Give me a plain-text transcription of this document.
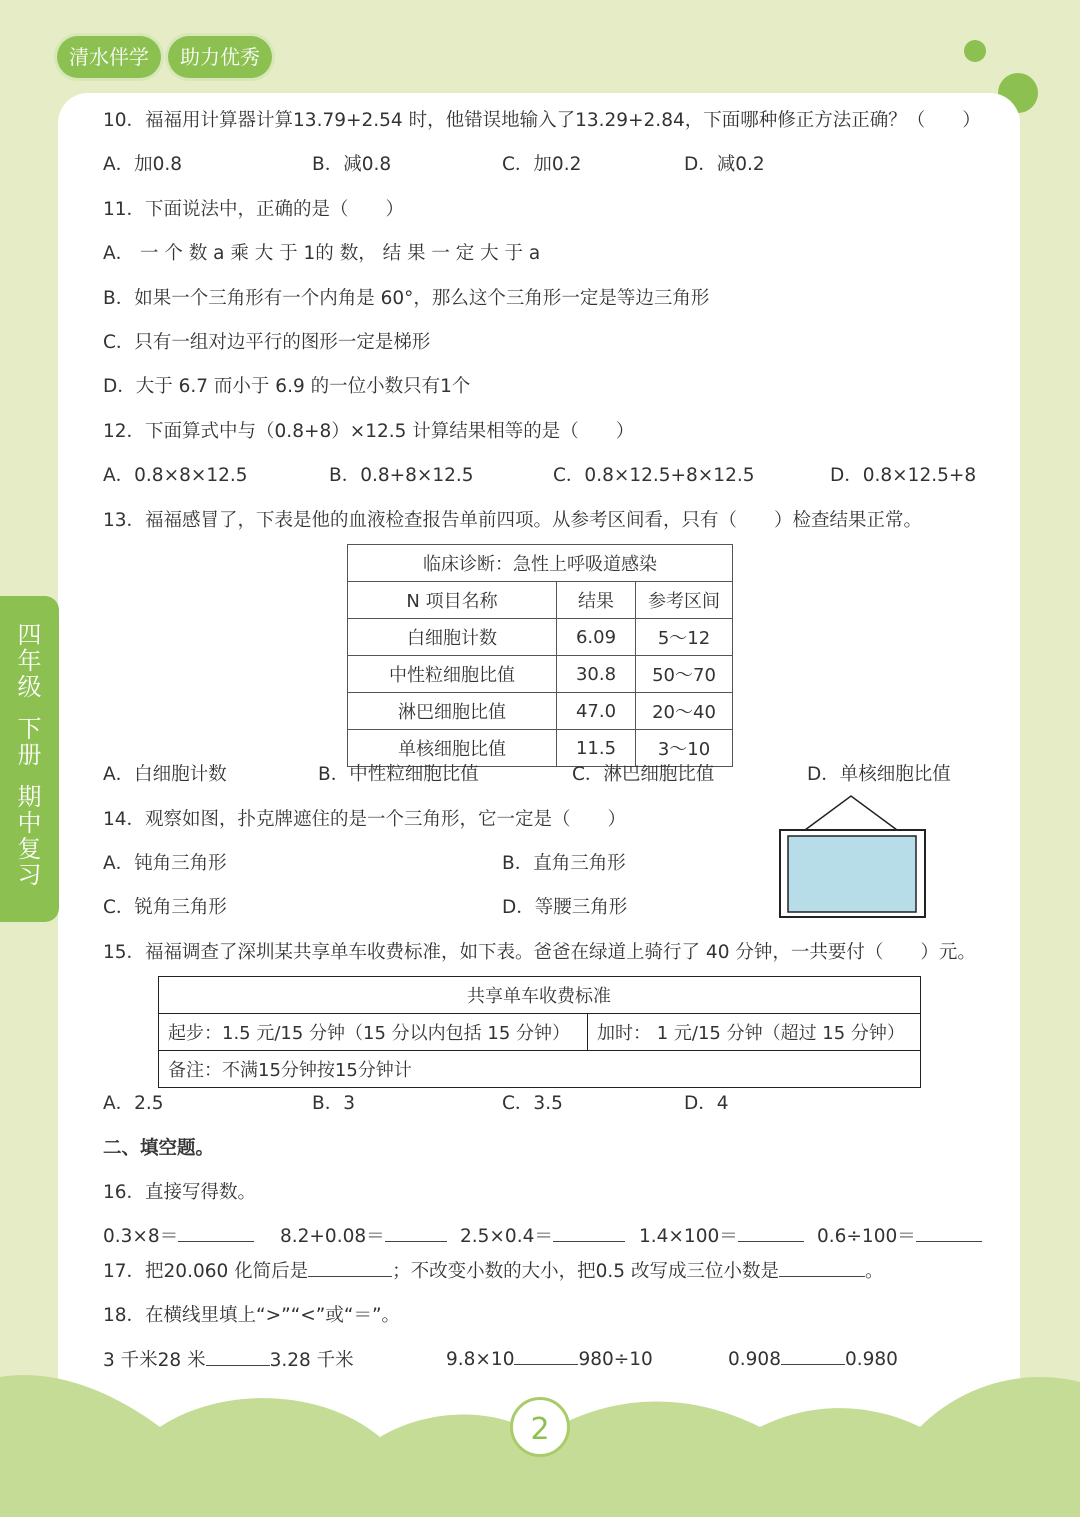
清水伴学	助力优秀
四
年
级
下
册
期
中
复
习
10．福福用计算器计算13.79+2.54 时，他错误地输入了13.29+2.84，下面哪种修正方法正确？（　　）
A．加0.8	B．减0.8	C．加0.2	D．减0.2
11．下面说法中，正确的是（　　）
A． 一 个 数 a 乘 大 于 1的 数， 结 果 一 定 大 于 a
B．如果一个三角形有一个内角是 60°，那么这个三角形一定是等边三角形
C．只有一组对边平行的图形一定是梯形
D．大于 6.7 而小于 6.9 的一位小数只有1个
12．下面算式中与（0.8+8）×12.5 计算结果相等的是（　　）
A．0.8×8×12.5	B．0.8+8×12.5	C．0.8×12.5+8×12.5	D．0.8×12.5+8
13．福福感冒了，下表是他的血液检查报告单前四项。从参考区间看，只有（　　）检查结果正常。
临床诊断：急性上呼吸道感染		
Ν 项目名称	结果	参考区间
白细胞计数	6.09	5～12
中性粒细胞比值	30.8	50～70
淋巴细胞比值	47.0	20～40
单核细胞比值	11.5	3～10
A．白细胞计数	B．中性粒细胞比值	C．淋巴细胞比值	D．单核细胞比值
14．观察如图，扑克牌遮住的是一个三角形，它一定是（　　）
A．钝角三角形	B．直角三角形
C．锐角三角形	D．等腰三角形
15．福福调查了深圳某共享单车收费标准，如下表。爸爸在绿道上骑行了 40 分钟，一共要付（　　）元。
共享单车收费标准
起步：1.5 元/15 分钟（15 分以内包括 15 分钟）	加时： 1 元/15 分钟（超过 15 分钟）
备注：不满15分钟按15分钟计
A．2.5	B．3	C．3.5	D．4
二、填空题。
16．直接写得数。
0.3×8＝	8.2+0.08＝	2.5×0.4＝	1.4×100＝	0.6÷100＝
17．把20.060 化简后是	；不改变小数的大小，把0.5 改写成三位小数是	。
18．在横线里填上“>”“<”或“＝”。
3 千米28 米	3.28 千米	9.8×10	980÷10	0.908	0.980
2
